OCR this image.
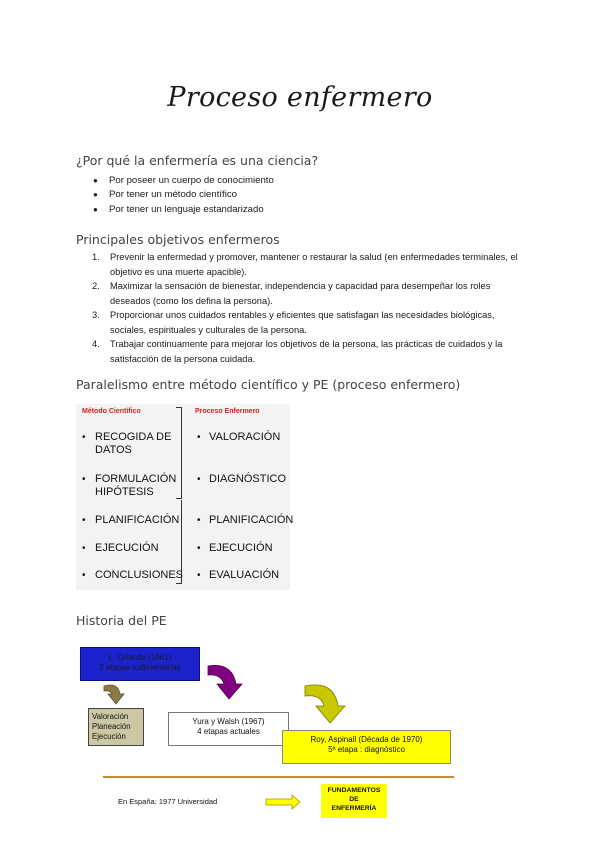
Proceso enfermero
¿Por qué la enfermería es una ciencia?
● Por poseer un cuerpo de conocimiento
● Por tener un método científico
● Por tener un lenguaje estandarizado
Principales objetivos enfermeros
1. Prevenir la enfermedad y promover, mantener o restaurar la salud (en enfermedades terminales, el objetivo es una muerte apacible).
2. Maximizar la sensación de bienestar, independencia y capacidad para desempeñar los roles deseados (como los defina la persona).
3. Proporcionar unos cuidados rentables y eficientes que satisfagan las necesidades biológicas, sociales, espirituales y culturales de la persona.
4. Trabajar continuamente para mejorar los objetivos de la persona, las prácticas de cuidados y la satisfacción de la persona cuidada.
Paralelismo entre método científico y PE (proceso enfermero)
Método Científico	Proceso Enfermero
• RECOGIDA DE DATOS
• FORMULACIÓN HIPÓTESIS
• PLANIFICACIÓN
• EJECUCIÓN
• CONCLUSIONES
• VALORACIÓN
• DIAGNÓSTICO
• PLANIFICACIÓN
• EJECUCIÓN
• EVALUACIÓN
Historia del PE
L. Orlando (1961)
3 etapas rudimentarias
Valoración
Planeación
Ejecución
Yura y Walsh (1967)
4 etapas actuales
Roy, Aspinall (Década de 1970)
5ª etapa : diagnóstico
En España: 1977 Universidad
FUNDAMENTOS
DE
ENFERMERÍA
